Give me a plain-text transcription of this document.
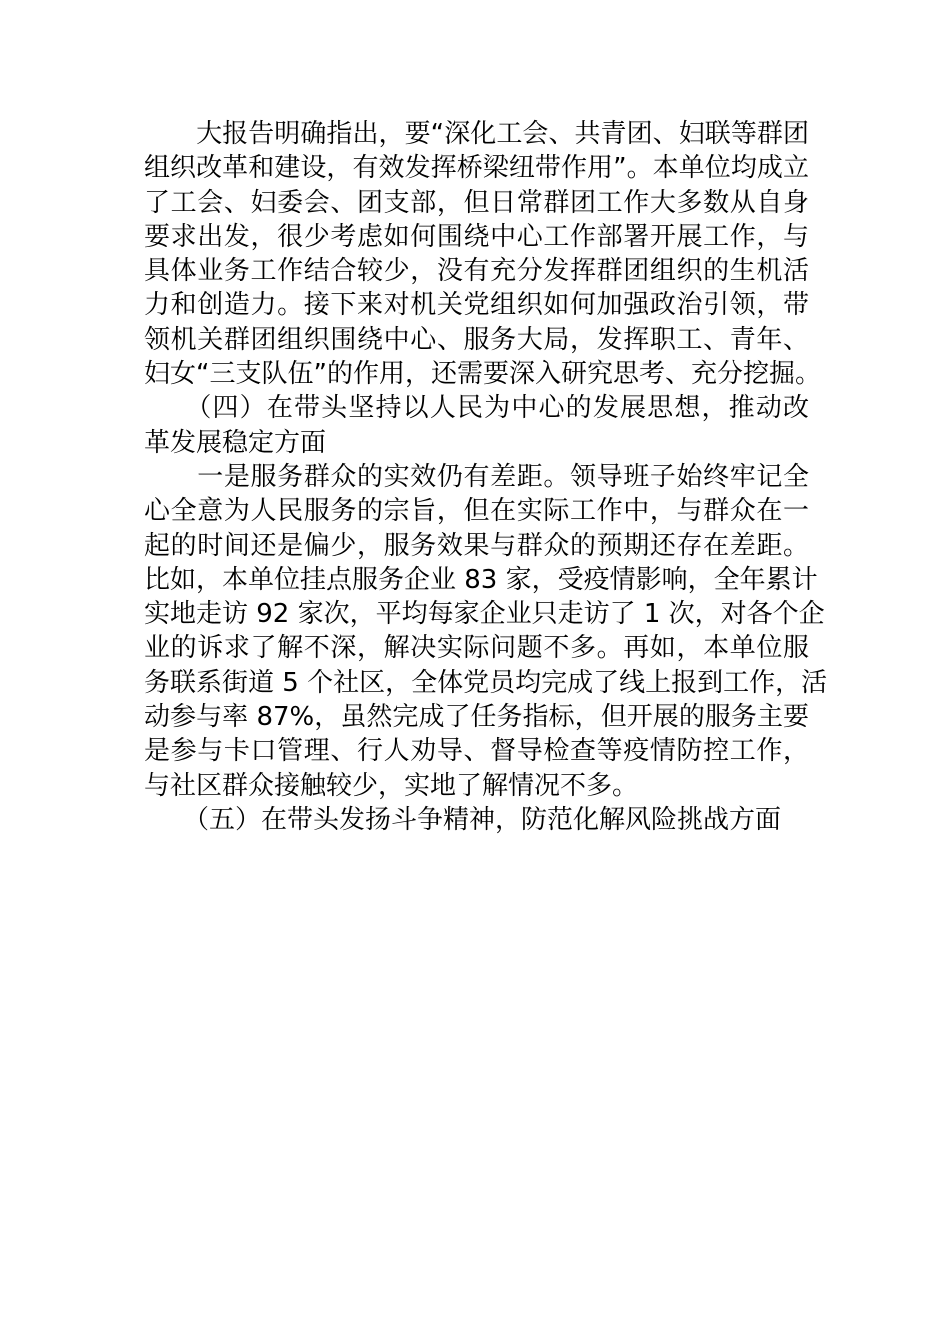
　　大报告明确指出，要“深化工会、共青团、妇联等群团
组织改革和建设，有效发挥桥梁纽带作用”。本单位均成立
了工会、妇委会、团支部，但日常群团工作大多数从自身
要求出发，很少考虑如何围绕中心工作部署开展工作，与
具体业务工作结合较少，没有充分发挥群团组织的生机活
力和创造力。接下来对机关党组织如何加强政治引领，带
领机关群团组织围绕中心、服务大局，发挥职工、青年、
妇女“三支队伍”的作用，还需要深入研究思考、充分挖掘。
　　（四）在带头坚持以人民为中心的发展思想，推动改
革发展稳定方面
　　一是服务群众的实效仍有差距。领导班子始终牢记全
心全意为人民服务的宗旨，但在实际工作中，与群众在一
起的时间还是偏少，服务效果与群众的预期还存在差距。
比如，本单位挂点服务企业 83 家，受疫情影响，全年累计
实地走访 92 家次，平均每家企业只走访了 1 次，对各个企
业的诉求了解不深，解决实际问题不多。再如，本单位服
务联系街道 5 个社区，全体党员均完成了线上报到工作，活
动参与率 87%，虽然完成了任务指标，但开展的服务主要
是参与卡口管理、行人劝导、督导检查等疫情防控工作，
与社区群众接触较少，实地了解情况不多。
　　（五）在带头发扬斗争精神，防范化解风险挑战方面
